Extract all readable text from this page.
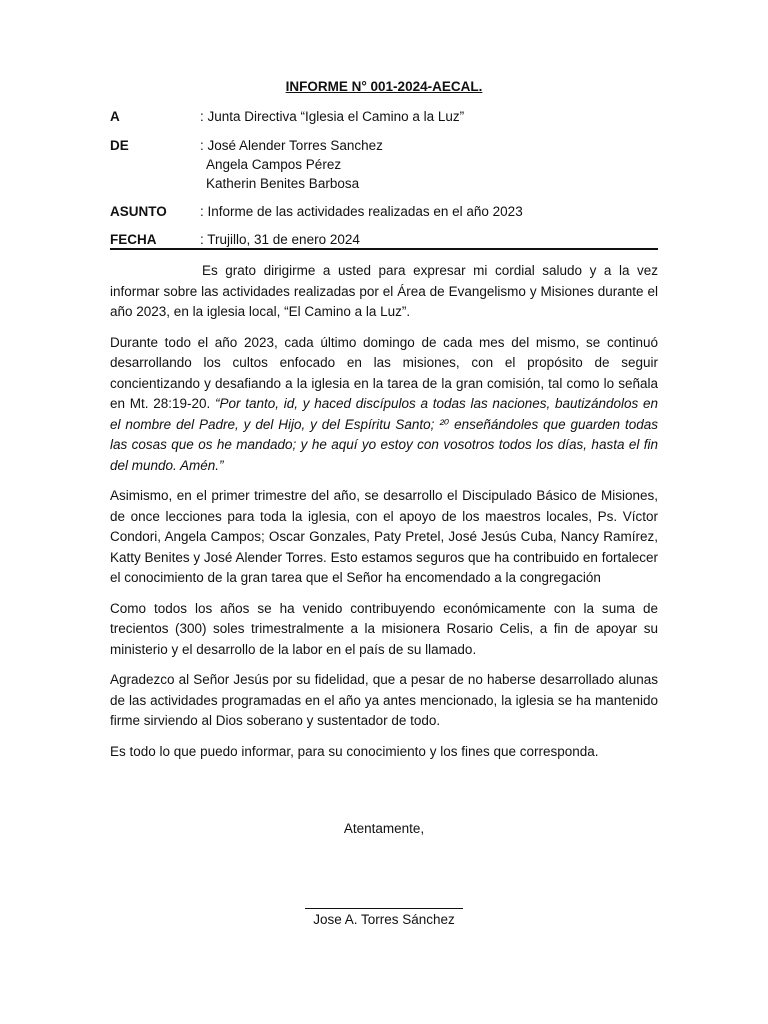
INFORME N° 001-2024-AECAL.
A	: Junta Directiva “Iglesia el Camino a la Luz”
DE	: José Alender Torres Sanchez
Angela Campos Pérez
Katherin Benites Barbosa
ASUNTO : Informe de las actividades realizadas en el año 2023
FECHA	: Trujillo, 31 de enero 2024

Es grato dirigirme a usted para expresar mi cordial saludo y a la vez informar sobre las actividades realizadas por el Área de Evangelismo y Misiones durante el año 2023, en la iglesia local, “El Camino a la Luz”.

Durante todo el año 2023, cada último domingo de cada mes del mismo, se continuó desarrollando los cultos enfocado en las misiones, con el propósito de seguir concientizando y desafiando a la iglesia en la tarea de la gran comisión, tal como lo señala en Mt. 28:19-20. “Por tanto, id, y haced discípulos a todas las naciones, bautizándolos en el nombre del Padre, y del Hijo, y del Espíritu Santo; ²⁰ enseñándoles que guarden todas las cosas que os he mandado; y he aquí yo estoy con vosotros todos los días, hasta el fin del mundo. Amén.”

Asimismo, en el primer trimestre del año, se desarrollo el Discipulado Básico de Misiones, de once lecciones para toda la iglesia, con el apoyo de los maestros locales, Ps. Víctor Condori, Angela Campos; Oscar Gonzales, Paty Pretel, José Jesús Cuba, Nancy Ramírez, Katty Benites y José Alender Torres. Esto estamos seguros que ha contribuido en fortalecer el conocimiento de la gran tarea que el Señor ha encomendado a la congregación

Como todos los años se ha venido contribuyendo económicamente con la suma de trecientos (300) soles trimestralmente a la misionera Rosario Celis, a fin de apoyar su ministerio y el desarrollo de la labor en el país de su llamado.

Agradezco al Señor Jesús por su fidelidad, que a pesar de no haberse desarrollado alunas de las actividades programadas en el año ya antes mencionado, la iglesia se ha mantenido firme sirviendo al Dios soberano y sustentador de todo.

Es todo lo que puedo informar, para su conocimiento y los fines que corresponda.

Atentamente,
Jose A. Torres Sánchez
